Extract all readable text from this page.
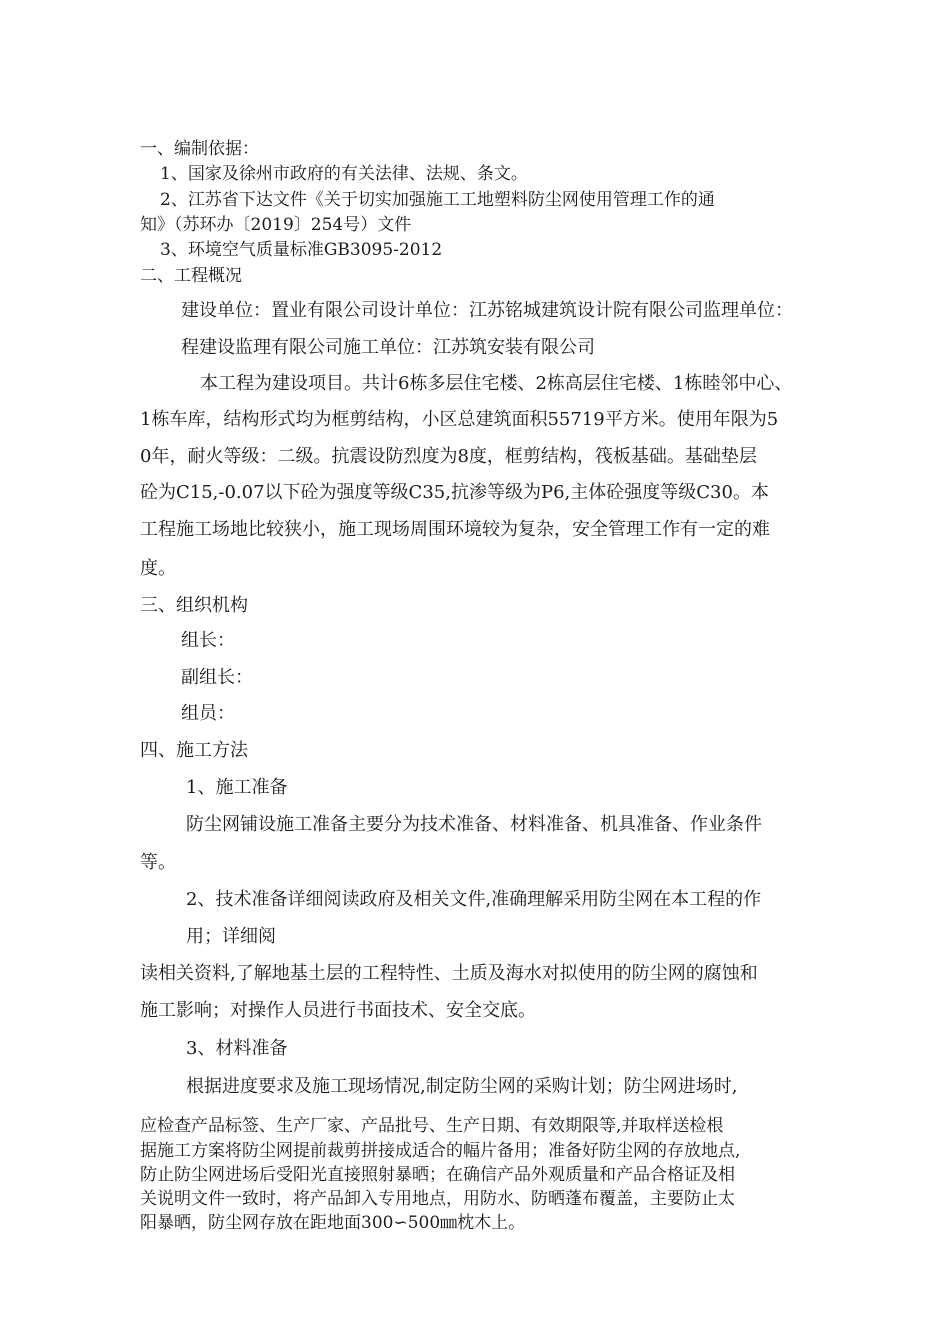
一、编制依据：

1、国家及徐州市政府的有关法律、法规、条文。

2、江苏省下达文件《关于切实加强施工工地塑料防尘网使用管理工作的通

知》（苏环办〔2019〕254号）文件

3、环境空气质量标准GB3095-2012

二、工程概况

建设单位：置业有限公司设计单位：江苏铭城建筑设计院有限公司监理单位：

程建设监理有限公司施工单位：江苏筑安装有限公司

本工程为建设项目。共计6栋多层住宅楼、2栋高层住宅楼、1栋睦邻中心、

1栋车库，结构形式均为框剪结构，小区总建筑面积55719平方米。使用年限为5

0年，耐火等级：二级。抗震设防烈度为8度，框剪结构，筏板基础。基础垫层

砼为C15,-0.07以下砼为强度等级C35,抗渗等级为P6,主体砼强度等级C30。本

工程施工场地比较狭小，施工现场周围环境较为复杂，安全管理工作有一定的难

度。

三、组织机构

组长：

副组长：

组员：

四、施工方法

1、施工准备

防尘网铺设施工准备主要分为技术准备、材料准备、机具准备、作业条件

等。

2、技术准备详细阅读政府及相关文件,准确理解采用防尘网在本工程的作

用；详细阅

读相关资料,了解地基土层的工程特性、土质及海水对拟使用的防尘网的腐蚀和

施工影响；对操作人员进行书面技术、安全交底。

3、材料准备

根据进度要求及施工现场情况,制定防尘网的采购计划；防尘网进场时,

应检查产品标签、生产厂家、产品批号、生产日期、有效期限等,并取样送检根

据施工方案将防尘网提前裁剪拼接成适合的幅片备用；准备好防尘网的存放地点,

防止防尘网进场后受阳光直接照射暴晒；在确信产品外观质量和产品合格证及相

关说明文件一致时，将产品卸入专用地点，用防水、防晒蓬布覆盖，主要防止太

阳暴晒，防尘网存放在距地面300∽500㎜枕木上。
